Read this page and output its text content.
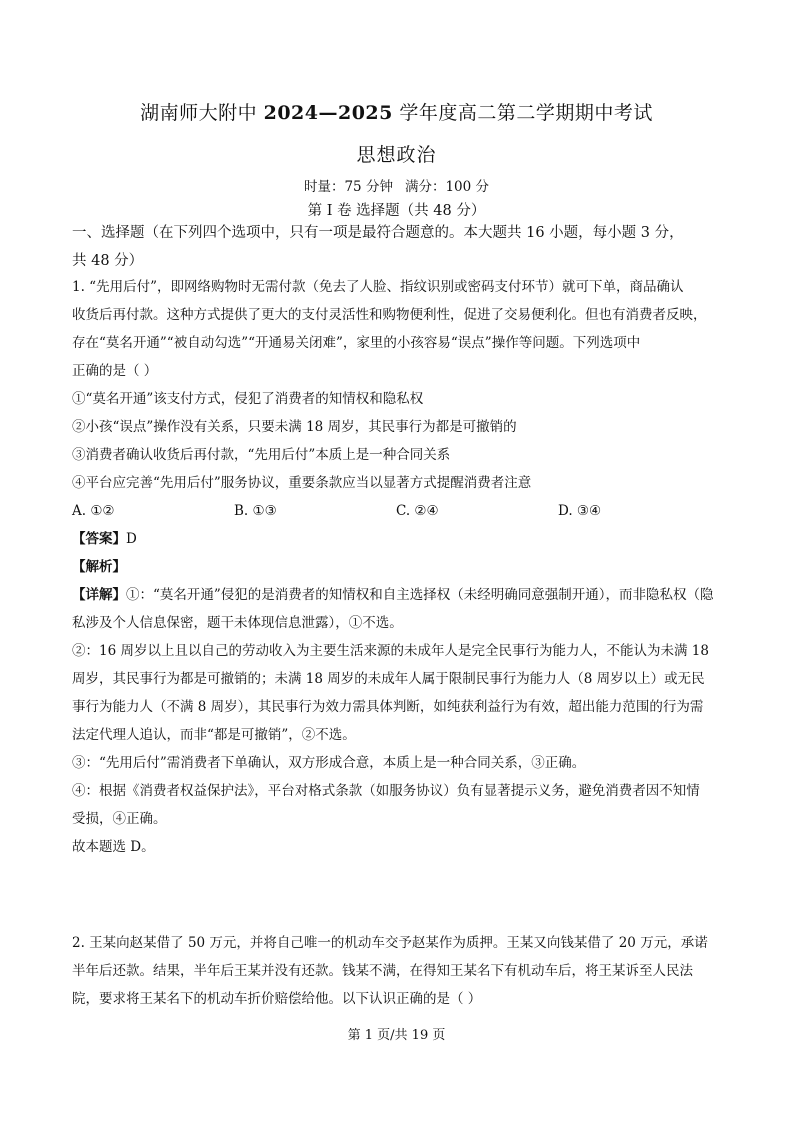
湖南师大附中 2024—2025 学年度高二第二学期期中考试
思想政治
时量：75 分钟 满分：100 分
第 I 卷 选择题（共 48 分）
一、选择题（在下列四个选项中，只有一项是最符合题意的。本大题共 16 小题，每小题 3 分，
共 48 分）
1. “先用后付”，即网络购物时无需付款（免去了人脸、指纹识别或密码支付环节）就可下单，商品确认
收货后再付款。这种方式提供了更大的支付灵活性和购物便利性，促进了交易便利化。但也有消费者反映，
存在“莫名开通”“被自动勾选”“开通易关闭难”，家里的小孩容易“误点”操作等问题。下列选项中
正确的是（ ）
①“莫名开通”该支付方式，侵犯了消费者的知情权和隐私权
②小孩“误点”操作没有关系，只要未满 18 周岁，其民事行为都是可撤销的
③消费者确认收货后再付款，“先用后付”本质上是一种合同关系
④平台应完善“先用后付”服务协议，重要条款应当以显著方式提醒消费者注意
A. ①②	B. ①③	C. ②④	D. ③④
【答案】D
【解析】
【详解】①：“莫名开通”侵犯的是消费者的知情权和自主选择权（未经明确同意强制开通），而非隐私权（隐
私涉及个人信息保密，题干未体现信息泄露），①不选。
②：16 周岁以上且以自己的劳动收入为主要生活来源的未成年人是完全民事行为能力人，不能认为未满 18
周岁，其民事行为都是可撤销的；未满 18 周岁的未成年人属于限制民事行为能力人（8 周岁以上）或无民
事行为能力人（不满 8 周岁），其民事行为效力需具体判断，如纯获利益行为有效，超出能力范围的行为需
法定代理人追认，而非“都是可撤销”，②不选。
③：“先用后付”需消费者下单确认，双方形成合意，本质上是一种合同关系，③正确。
④：根据《消费者权益保护法》，平台对格式条款（如服务协议）负有显著提示义务，避免消费者因不知情
受损，④正确。
故本题选 D。
2. 王某向赵某借了 50 万元，并将自己唯一的机动车交予赵某作为质押。王某又向钱某借了 20 万元，承诺
半年后还款。结果，半年后王某并没有还款。钱某不满，在得知王某名下有机动车后，将王某诉至人民法
院，要求将王某名下的机动车折价赔偿给他。以下认识正确的是（ ）
第 1 页/共 19 页
